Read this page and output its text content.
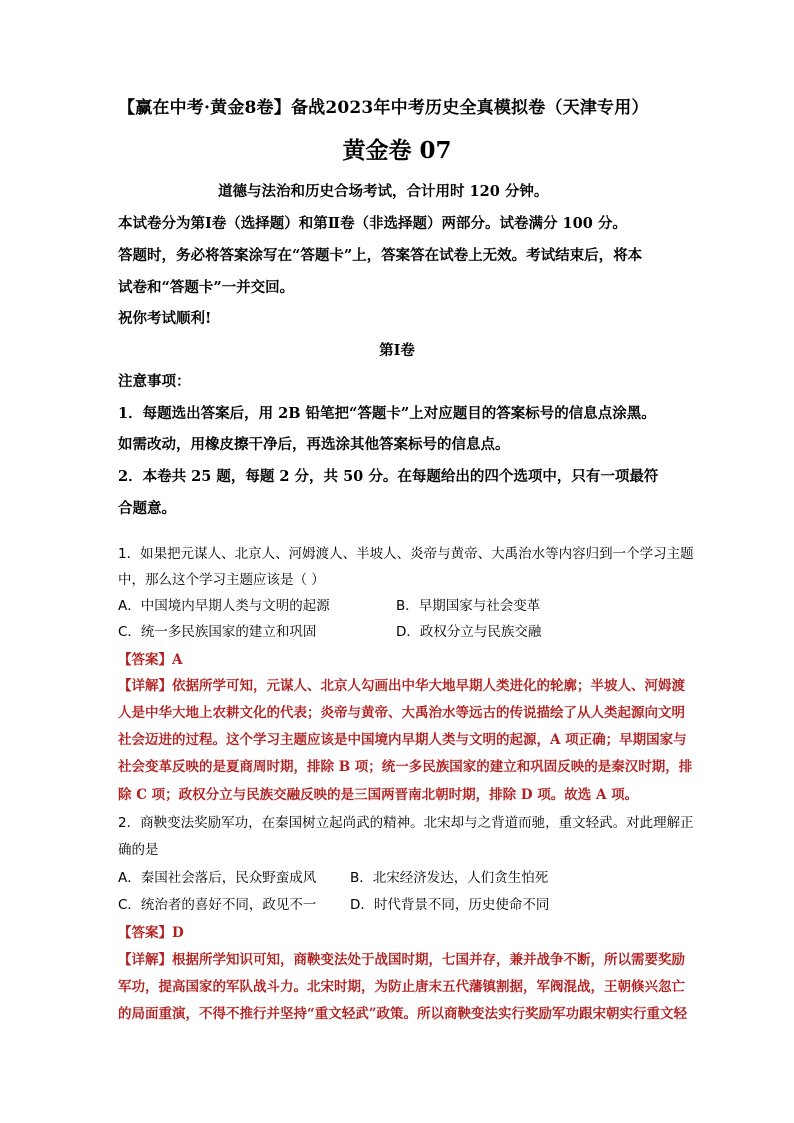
【赢在中考·黄金8卷】备战2023年中考历史全真模拟卷（天津专用）
黄金卷 07
道德与法治和历史合场考试，合计用时 120 分钟。
本试卷分为第Ⅰ卷（选择题）和第Ⅱ卷（非选择题）两部分。试卷满分 100 分。
答题时，务必将答案涂写在“答题卡”上，答案答在试卷上无效。考试结束后，将本
试卷和“答题卡”一并交回。
祝你考试顺利!
第Ⅰ卷
注意事项：
1．每题选出答案后，用 2B 铅笔把“答题卡”上对应题目的答案标号的信息点涂黑。
如需改动，用橡皮擦干净后，再选涂其他答案标号的信息点。
2．本卷共 25 题，每题 2 分，共 50 分。在每题给出的四个选项中，只有一项最符
合题意。
1．如果把元谋人、北京人、河姆渡人、半坡人、炎帝与黄帝、大禹治水等内容归到一个学习主题
中，那么这个学习主题应该是（ ）
A．中国境内早期人类与文明的起源	B．早期国家与社会变革
C．统一多民族国家的建立和巩固	D．政权分立与民族交融
【答案】A
【详解】依据所学可知，元谋人、北京人勾画出中华大地早期人类进化的轮廓；半坡人、河姆渡
人是中华大地上农耕文化的代表；炎帝与黄帝、大禹治水等远古的传说描绘了从人类起源向文明
社会迈进的过程。这个学习主题应该是中国境内早期人类与文明的起源，A 项正确；早期国家与
社会变革反映的是夏商周时期，排除 B 项；统一多民族国家的建立和巩固反映的是秦汉时期，排
除 C 项；政权分立与民族交融反映的是三国两晋南北朝时期，排除 D 项。故选 A 项。
2．商鞅变法奖励军功，在秦国树立起尚武的精神。北宋却与之背道而驰，重文轻武。对此理解正
确的是
A．秦国社会落后，民众野蛮成风	B．北宋经济发达，人们贪生怕死
C．统治者的喜好不同，政见不一 D．时代背景不同，历史使命不同
【答案】D
【详解】根据所学知识可知，商鞅变法处于战国时期，七国并存，兼并战争不断，所以需要奖励
军功，提高国家的军队战斗力。北宋时期，为防止唐末五代藩镇割据，军阀混战，王朝倏兴忽亡
的局面重演，不得不推行并坚持“重文轻武”政策。所以商鞅变法实行奖励军功跟宋朝实行重文轻
